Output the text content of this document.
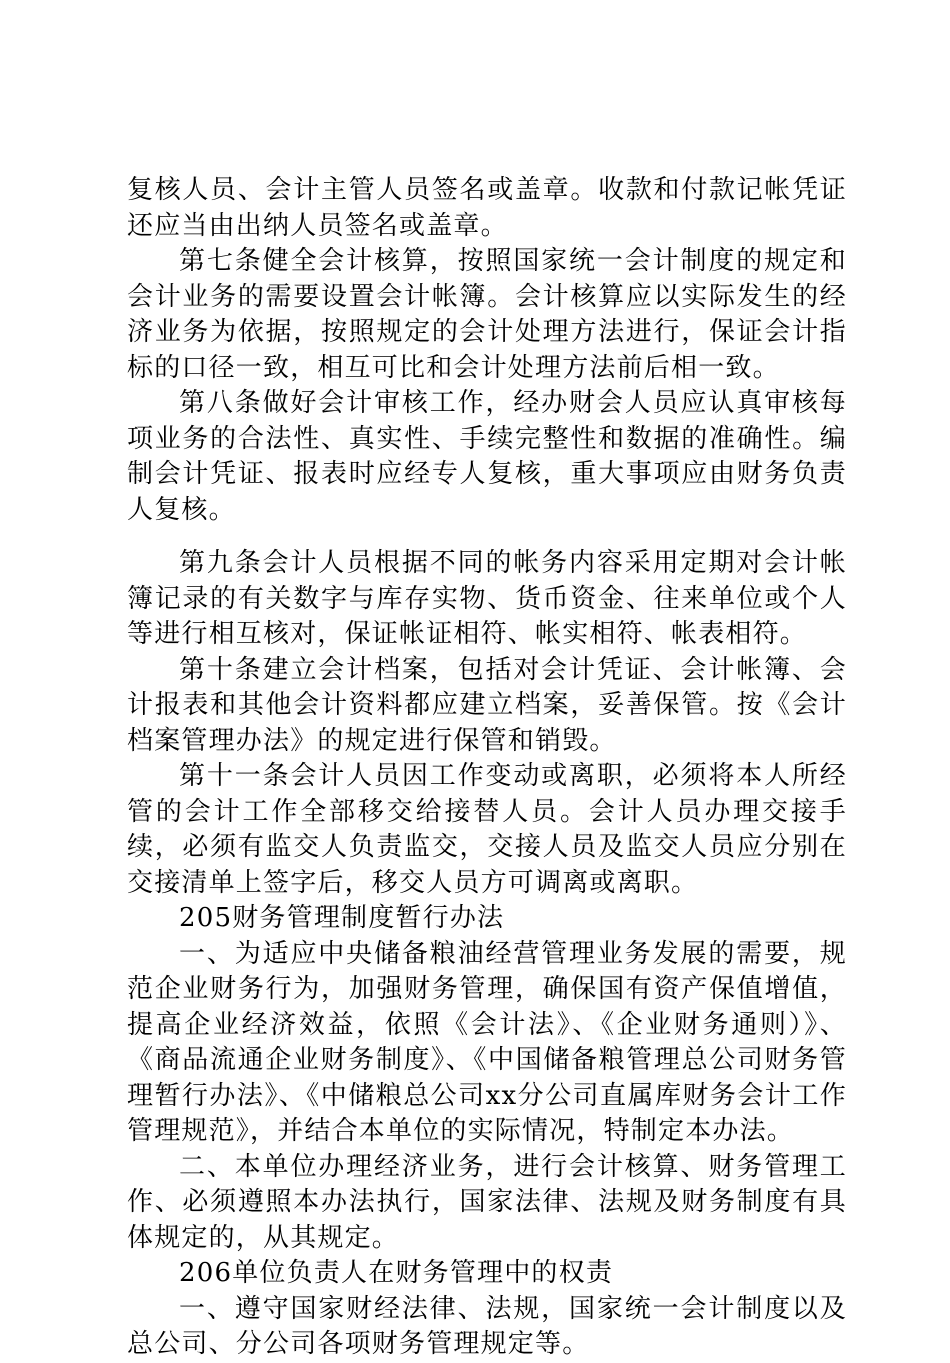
复核人员、会计主管人员签名或盖章。收款和付款记帐凭证还应当由出纳人员签名或盖章。

第七条健全会计核算，按照国家统一会计制度的规定和会计业务的需要设置会计帐簿。会计核算应以实际发生的经济业务为依据，按照规定的会计处理方法进行，保证会计指标的口径一致，相互可比和会计处理方法前后相一致。

第八条做好会计审核工作，经办财会人员应认真审核每项业务的合法性、真实性、手续完整性和数据的准确性。编制会计凭证、报表时应经专人复核，重大事项应由财务负责人复核。

第九条会计人员根据不同的帐务内容采用定期对会计帐簿记录的有关数字与库存实物、货币资金、往来单位或个人等进行相互核对，保证帐证相符、帐实相符、帐表相符。

第十条建立会计档案，包括对会计凭证、会计帐簿、会计报表和其他会计资料都应建立档案，妥善保管。按《会计档案管理办法》的规定进行保管和销毁。

第十一条会计人员因工作变动或离职，必须将本人所经管的会计工作全部移交给接替人员。会计人员办理交接手续，必须有监交人负责监交，交接人员及监交人员应分别在交接清单上签字后，移交人员方可调离或离职。

205财务管理制度暂行办法

一、为适应中央储备粮油经营管理业务发展的需要，规范企业财务行为，加强财务管理，确保国有资产保值增值，提高企业经济效益，依照《会计法》、《企业财务通则）》、《商品流通企业财务制度》、《中国储备粮管理总公司财务管理暂行办法》、《中储粮总公司xx分公司直属库财务会计工作管理规范》，并结合本单位的实际情况，特制定本办法。

二、本单位办理经济业务，进行会计核算、财务管理工作、必须遵照本办法执行，国家法律、法规及财务制度有具体规定的，从其规定。

206单位负责人在财务管理中的权责

一、遵守国家财经法律、法规，国家统一会计制度以及总公司、分公司各项财务管理规定等。
